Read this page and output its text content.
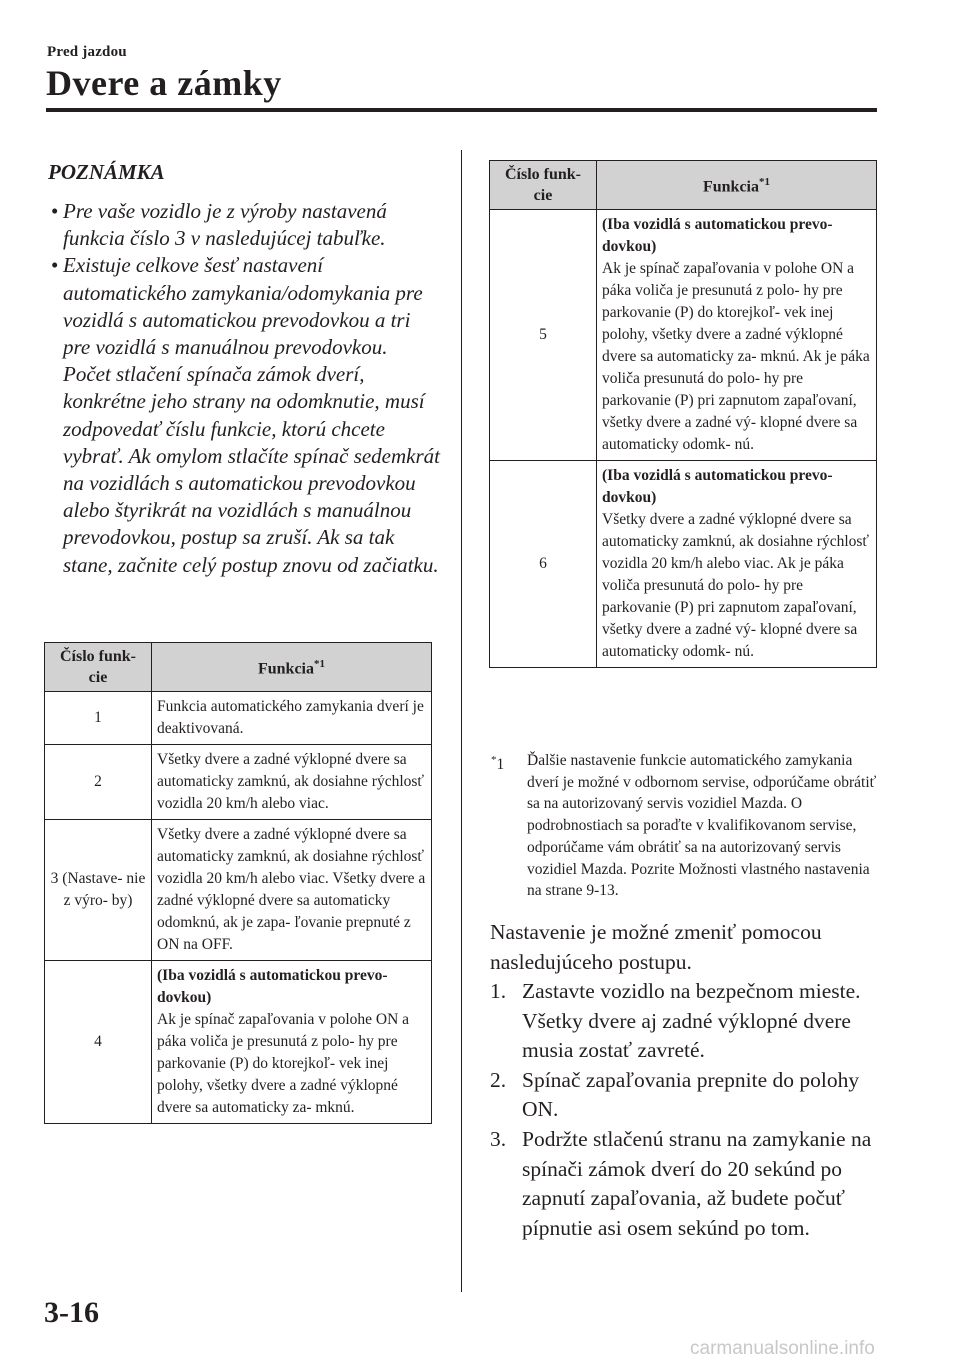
Pred jazdou
Dvere a zámky
POZNÁMKA
• Pre vaše vozidlo je z výroby nastavená funkcia číslo 3 v nasledujúcej tabuľke.
• Existuje celkove šesť nastavení automatického zamykania/odomykania pre vozidlá s automatickou prevodovkou a tri pre vozidlá s manuálnou prevodovkou. Počet stlačení spínača zámok dverí, konkrétne jeho strany na odomknutie, musí zodpovedať číslu funkcie, ktorú chcete vybrať. Ak omylom stlačíte spínač sedemkrát na vozidlách s automatickou prevodovkou alebo štyrikrát na vozidlách s manuálnou prevodovkou, postup sa zruší. Ak sa tak stane, začnite celý postup znovu od začiatku.
Číslo funk- cie	Funkcia$^{*1}$
1	Funkcia automatického zamykania dverí je deaktivovaná.
2	Všetky dvere a zadné výklopné dvere sa automaticky zamknú, ak dosiahne rýchlosť vozidla 20 km/h alebo viac.
3 (Nastave- nie z výro- by)	Všetky dvere a zadné výklopné dvere sa automaticky zamknú, ak dosiahne rýchlosť vozidla 20 km/h alebo viac. Všetky dvere a zadné výklopné dvere sa automaticky odomknú, ak je zapa- ľovanie prepnuté z ON na OFF.
4	(Iba vozidlá s automatickou prevo- dovkou)
Ak je spínač zapaľovania v polohe ON a páka voliča je presunutá z polo- hy pre parkovanie (P) do ktorejkoľ- vek inej polohy, všetky dvere a zadné výklopné dvere sa automaticky za- mknú.
Číslo funk- cie	Funkcia$^{*1}$
5	(Iba vozidlá s automatickou prevo- dovkou)
Ak je spínač zapaľovania v polohe ON a páka voliča je presunutá z polo- hy pre parkovanie (P) do ktorejkoľ- vek inej polohy, všetky dvere a zadné výklopné dvere sa automaticky za- mknú. Ak je páka voliča presunutá do polo- hy pre parkovanie (P) pri zapnutom zapaľovaní, všetky dvere a zadné vý- klopné dvere sa automaticky odomk- nú.
6	(Iba vozidlá s automatickou prevo- dovkou)
Všetky dvere a zadné výklopné dvere sa automaticky zamknú, ak dosiahne rýchlosť vozidla 20 km/h alebo viac. Ak je páka voliča presunutá do polo- hy pre parkovanie (P) pri zapnutom zapaľovaní, všetky dvere a zadné vý- klopné dvere sa automaticky odomk- nú.
*1 Ďalšie nastavenie funkcie automatického zamykania dverí je možné v odbornom servise, odporúčame obrátiť sa na autorizovaný servis vozidiel Mazda. O podrobnostiach sa poraďte v kvalifikovanom servise, odporúčame vám obrátiť sa na autorizovaný servis vozidiel Mazda. Pozrite Možnosti vlastného nastavenia na strane 9-13.
Nastavenie je možné zmeniť pomocou nasledujúceho postupu.
1. Zastavte vozidlo na bezpečnom mieste. Všetky dvere aj zadné výklopné dvere musia zostať zavreté.
2. Spínač zapaľovania prepnite do polohy ON.
3. Podržte stlačenú stranu na zamykanie na spínači zámok dverí do 20 sekúnd po zapnutí zapaľovania, až budete počuť pípnutie asi osem sekúnd po tom.
3-16
carmanualsonline.info
